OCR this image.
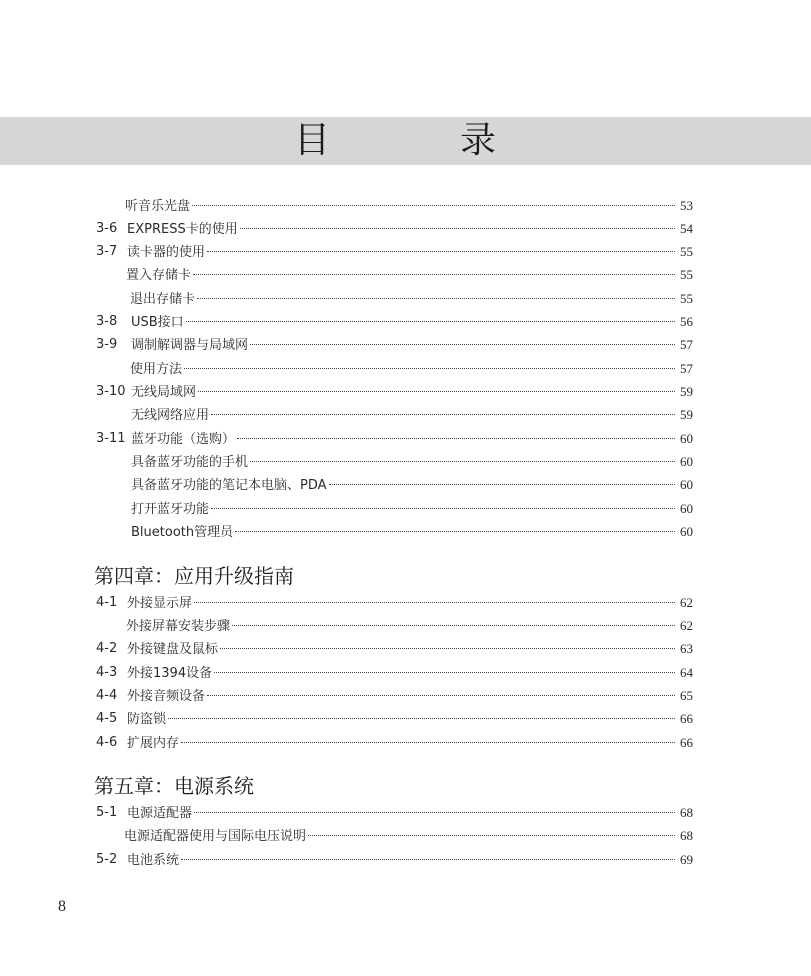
目	录
听音乐光盘	53
3-6 EXPRESS卡的使用	54
3-7 读卡器的使用	55
置入存储卡	55
退出存储卡	55
3-8 USB接口	56
3-9 调制解调器与局域网	57
使用方法	57
3-10 无线局域网	59
无线网络应用	59
3-11 蓝牙功能（选购）	60
具备蓝牙功能的手机	60
具备蓝牙功能的笔记本电脑、PDA	60
打开蓝牙功能	60
Bluetooth管理员	60
第四章：应用升级指南
4-1 外接显示屏	62
外接屏幕安装步骤	62
4-2 外接键盘及鼠标	63
4-3 外接1394设备	64
4-4 外接音频设备	65
4-5 防盗锁	66
4-6 扩展内存	66
第五章：电源系统
5-1 电源适配器	68
电源适配器使用与国际电压说明	68
5-2 电池系统	69
8
